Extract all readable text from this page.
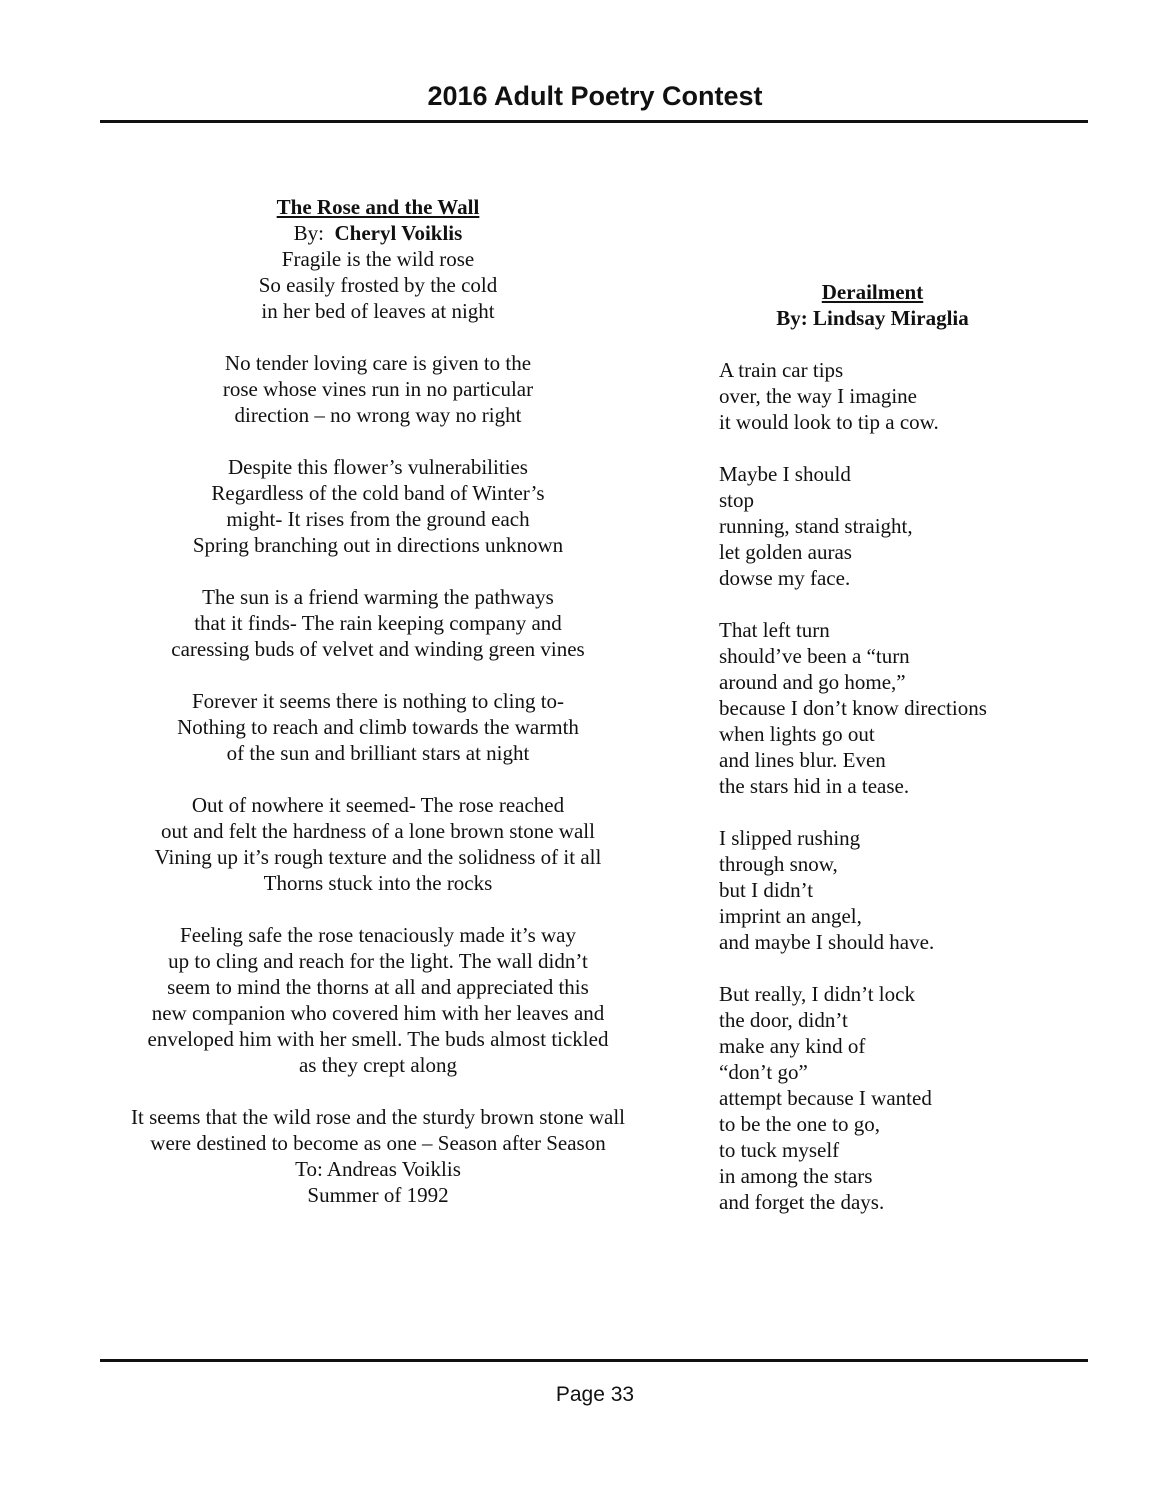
2016 Adult Poetry Contest
The Rose and the Wall
By: Cheryl Voiklis
Fragile is the wild rose
So easily frosted by the cold
in her bed of leaves at night
No tender loving care is given to the
rose whose vines run in no particular
direction – no wrong way no right
Despite this flower’s vulnerabilities
Regardless of the cold band of Winter’s
might- It rises from the ground each
Spring branching out in directions unknown
The sun is a friend warming the pathways
that it finds- The rain keeping company and
caressing buds of velvet and winding green vines
Forever it seems there is nothing to cling to-
Nothing to reach and climb towards the warmth
of the sun and brilliant stars at night
Out of nowhere it seemed- The rose reached
out and felt the hardness of a lone brown stone wall
Vining up it’s rough texture and the solidness of it all
Thorns stuck into the rocks
Feeling safe the rose tenaciously made it’s way
up to cling and reach for the light. The wall didn’t
seem to mind the thorns at all and appreciated this
new companion who covered him with her leaves and
enveloped him with her smell. The buds almost tickled
as they crept along
It seems that the wild rose and the sturdy brown stone wall
were destined to become as one – Season after Season
To: Andreas Voiklis
Summer of 1992
Derailment
By: Lindsay Miraglia
A train car tips
over, the way I imagine
it would look to tip a cow.
Maybe I should
stop
running, stand straight,
let golden auras
dowse my face.
That left turn
should’ve been a “turn
around and go home,”
because I don’t know directions
when lights go out
and lines blur. Even
the stars hid in a tease.
I slipped rushing
through snow,
but I didn’t
imprint an angel,
and maybe I should have.
But really, I didn’t lock
the door, didn’t
make any kind of
“don’t go”
attempt because I wanted
to be the one to go,
to tuck myself
in among the stars
and forget the days.
Page 33
